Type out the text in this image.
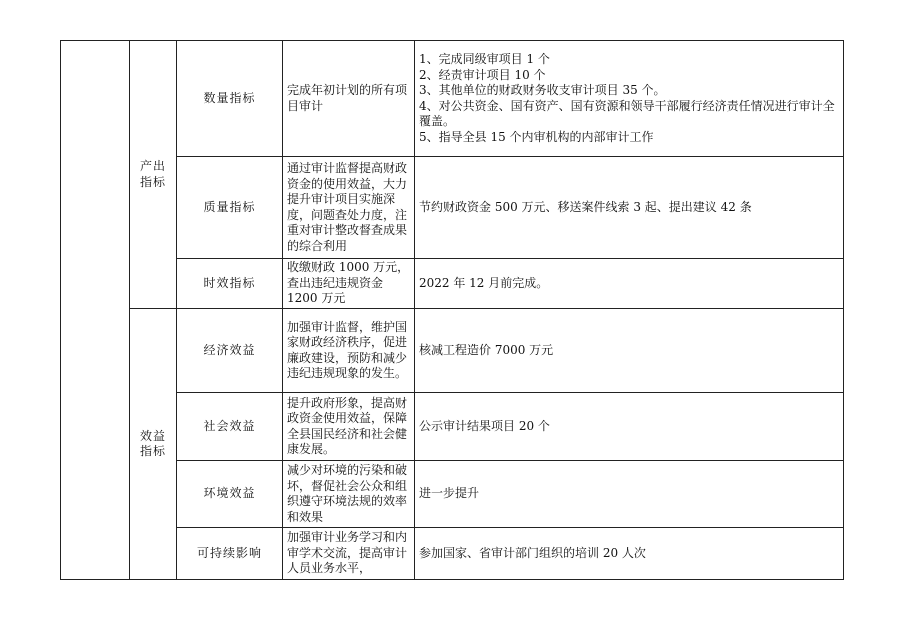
	产出指标	数量指标	完成年初计划的所有项目审计	1、完成同级审项目 1 个
2、经责审计项目 10 个
3、其他单位的财政财务收支审计项目 35 个。
4、对公共资金、国有资产、国有资源和领导干部履行经济责任情况进行审计全覆盖。
5、指导全县 15 个内审机构的内部审计工作

		质量指标	通过审计监督提高财政资金的使用效益，大力提升审计项目实施深度，问题查处力度，注重对审计整改督查成果的综合利用	节约财政资金 500 万元、移送案件线索 3 起、提出建议 42 条
		时效指标	收缴财政 1000 万元，查出违纪违规资金 1200 万元	2022 年 12 月前完成。
	效益指标	经济效益	加强审计监督，维护国家财政经济秩序，促进廉政建设，预防和减少违纪违规现象的发生。	核减工程造价 7000 万元
		社会效益	提升政府形象，提高财政资金使用效益，保障全县国民经济和社会健康发展。	公示审计结果项目 20 个
		环境效益	减少对环境的污染和破坏，督促社会公众和组织遵守环境法规的效率和效果	进一步提升
		可持续影响	加强审计业务学习和内审学术交流，提高审计人员业务水平，	参加国家、省审计部门组织的培训 20 人次
